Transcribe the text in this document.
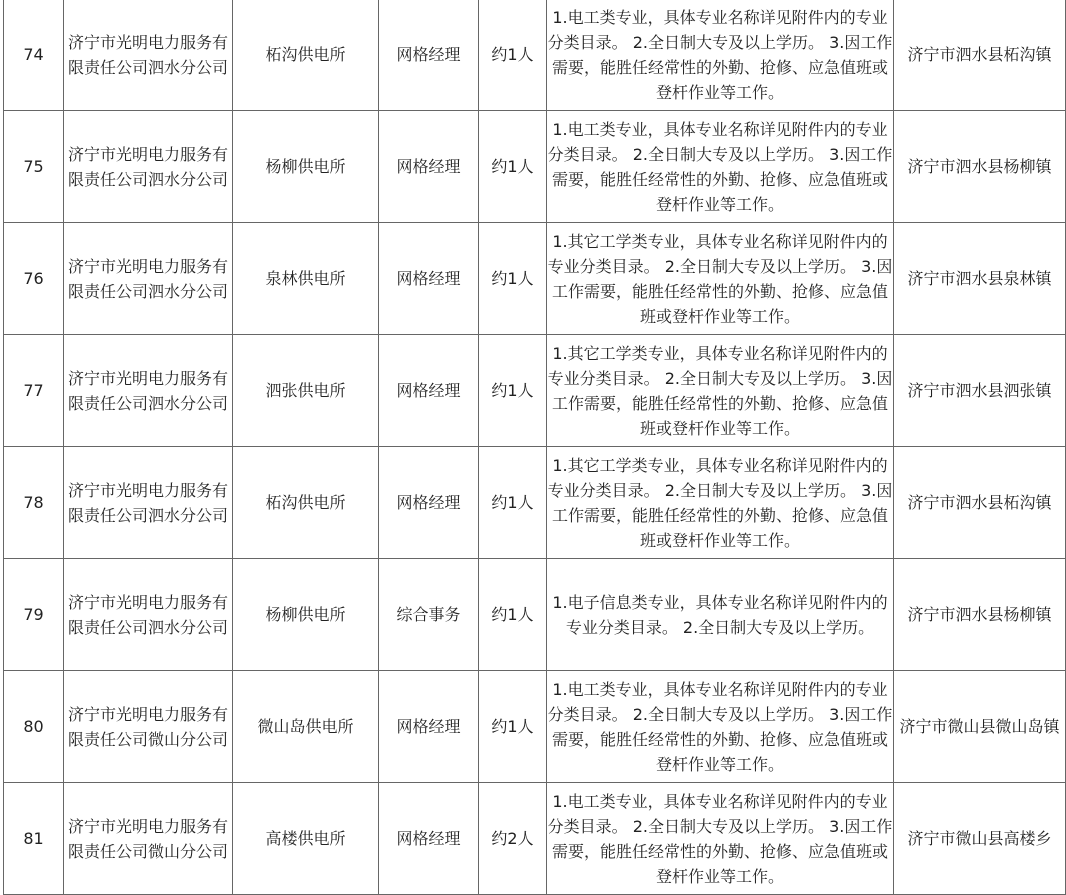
74	济宁市光明电力服务有限责任公司泗水分公司	柘沟供电所	网格经理	约1人	1.电工类专业，具体专业名称详见附件内的专业分类目录。 2.全日制大专及以上学历。 3.因工作需要，能胜任经常性的外勤、抢修、应急值班或登杆作业等工作。	济宁市泗水县柘沟镇
75	济宁市光明电力服务有限责任公司泗水分公司	杨柳供电所	网格经理	约1人	1.电工类专业，具体专业名称详见附件内的专业分类目录。 2.全日制大专及以上学历。 3.因工作需要，能胜任经常性的外勤、抢修、应急值班或登杆作业等工作。	济宁市泗水县杨柳镇
76	济宁市光明电力服务有限责任公司泗水分公司	泉林供电所	网格经理	约1人	1.其它工学类专业，具体专业名称详见附件内的专业分类目录。 2.全日制大专及以上学历。 3.因工作需要，能胜任经常性的外勤、抢修、应急值班或登杆作业等工作。	济宁市泗水县泉林镇
77	济宁市光明电力服务有限责任公司泗水分公司	泗张供电所	网格经理	约1人	1.其它工学类专业，具体专业名称详见附件内的专业分类目录。 2.全日制大专及以上学历。 3.因工作需要，能胜任经常性的外勤、抢修、应急值班或登杆作业等工作。	济宁市泗水县泗张镇
78	济宁市光明电力服务有限责任公司泗水分公司	柘沟供电所	网格经理	约1人	1.其它工学类专业，具体专业名称详见附件内的专业分类目录。 2.全日制大专及以上学历。 3.因工作需要，能胜任经常性的外勤、抢修、应急值班或登杆作业等工作。	济宁市泗水县柘沟镇
79	济宁市光明电力服务有限责任公司泗水分公司	杨柳供电所	综合事务	约1人	1.电子信息类专业，具体专业名称详见附件内的专业分类目录。 2.全日制大专及以上学历。	济宁市泗水县杨柳镇
80	济宁市光明电力服务有限责任公司微山分公司	微山岛供电所	网格经理	约1人	1.电工类专业，具体专业名称详见附件内的专业分类目录。 2.全日制大专及以上学历。 3.因工作需要，能胜任经常性的外勤、抢修、应急值班或登杆作业等工作。	济宁市微山县微山岛镇
81	济宁市光明电力服务有限责任公司微山分公司	高楼供电所	网格经理	约2人	1.电工类专业，具体专业名称详见附件内的专业分类目录。 2.全日制大专及以上学历。 3.因工作需要，能胜任经常性的外勤、抢修、应急值班或登杆作业等工作。	济宁市微山县高楼乡
